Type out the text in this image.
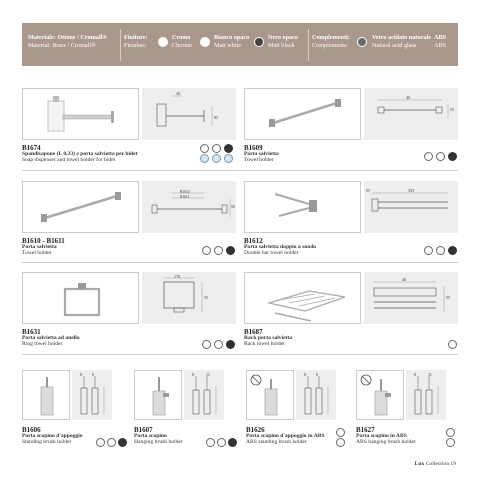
Materiale: Ottone / Cromall®
Material: Brass / Cromall®
Finiture:
Finishes:
Cromo
Chrome
Bianco opaco
Matt white
Nero opaco
Matt black
Complementi:
Complements:
Vetro acidato naturale
Natural acid glass
ABS
ABS
40
85
40
55
B1674
Spandisapone (L 0,33) e porta salvietta per bidet
Soap dispenser and towel holder for bidet
B1609
Porta salvietta
Towel holder
B1610
B1611
55
55	333
B1610 - B1611
Porta salvietta
Towel holder
B1612
Porta salvietta doppio a snodo
Double bar towel holder
170
55
40
55
B1631
Porta salvietta ad anello
Ring towel holder
B1687
Rack porta salvietta
Rack towel holder
8	8	8	11	8	8	8	11
B1606
Porta scopino d'appoggio
Standing brush holder
B1607
Porta scopino
Hanging brush holder
B1626
Porta scopino d'appoggio in ABS
ABS standing brush holder
B1627
Porta scopino in ABS
ABS hanging brush holder
Lux Collection 19
